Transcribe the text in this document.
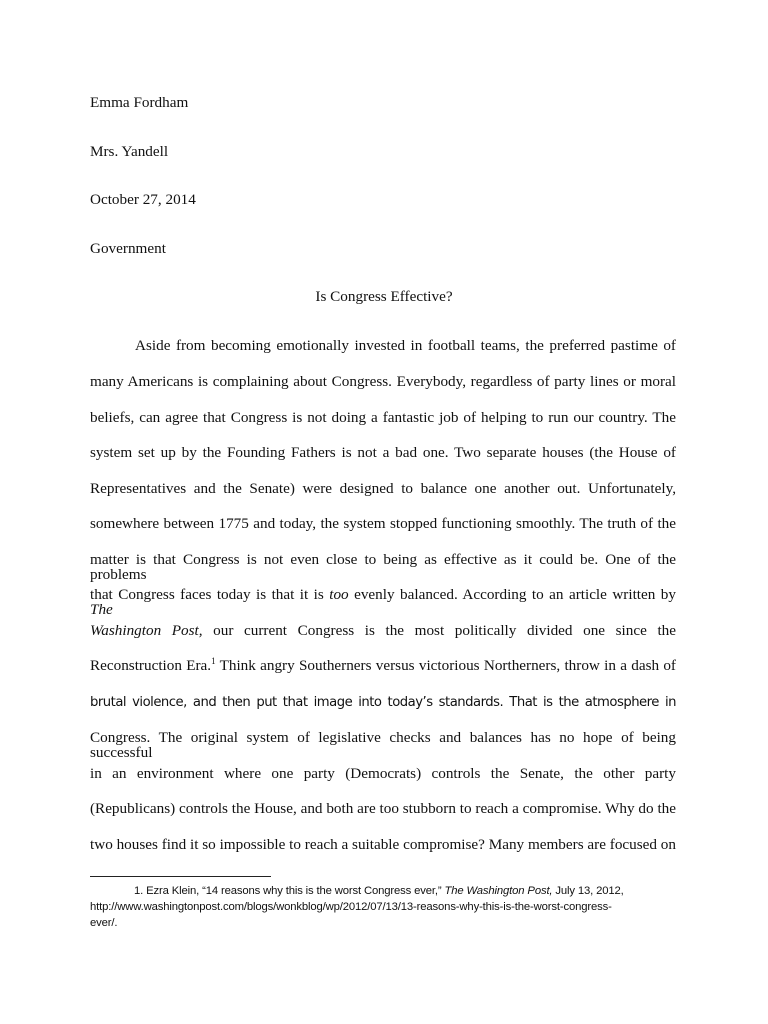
Emma Fordham
Mrs. Yandell
October 27, 2014
Government
Is Congress Effective?
Aside from becoming emotionally invested in football teams, the preferred pastime of
many Americans is complaining about Congress. Everybody, regardless of party lines or moral
beliefs, can agree that Congress is not doing a fantastic job of helping to run our country. The
system set up by the Founding Fathers is not a bad one. Two separate houses (the House of
Representatives and the Senate) were designed to balance one another out. Unfortunately,
somewhere between 1775 and today, the system stopped functioning smoothly. The truth of the
matter is that Congress is not even close to being as effective as it could be. One of the problems
that Congress faces today is that it is too evenly balanced. According to an article written by The
Washington Post, our current Congress is the most politically divided one since the
Reconstruction Era.$^1$ Think angry Southerners versus victorious Northerners, throw in a dash of
brutal violence, and then put that image into today’s standards. That is the atmosphere in
Congress. The original system of legislative checks and balances has no hope of being successful
in an environment where one party (Democrats) controls the Senate, the other party
(Republicans) controls the House, and both are too stubborn to reach a compromise. Why do the
two houses find it so impossible to reach a suitable compromise? Many members are focused on
1. Ezra Klein, “14 reasons why this is the worst Congress ever,” The Washington Post, July 13, 2012,
http://www.washingtonpost.com/blogs/wonkblog/wp/2012/07/13/13-reasons-why-this-is-the-worst-congress-
ever/.
